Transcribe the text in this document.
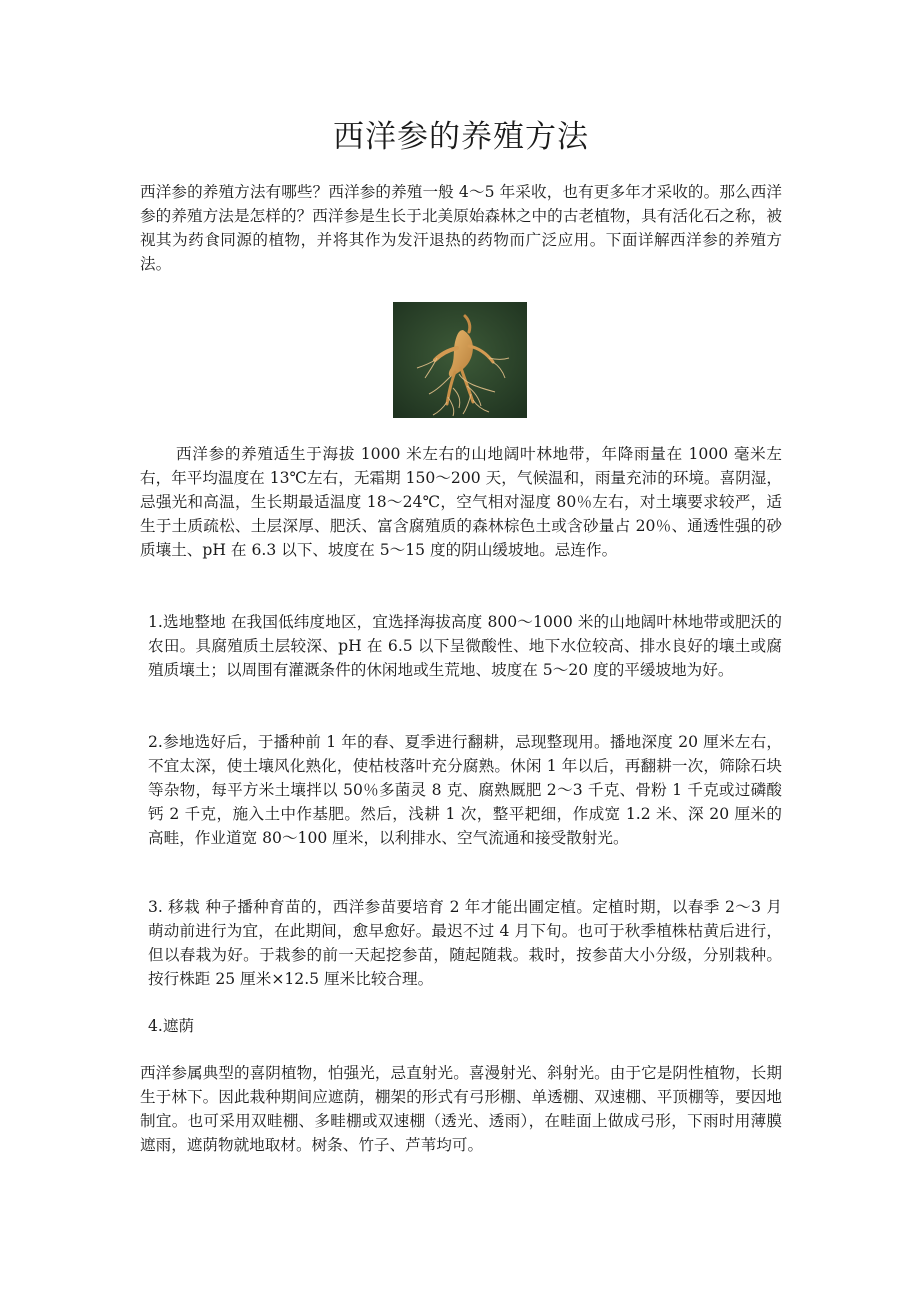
西洋参的养殖方法

西洋参的养殖方法有哪些？西洋参的养殖一般 4～5 年采收，也有更多年才采收的。那么西洋参的养殖方法是怎样的？西洋参是生长于北美原始森林之中的古老植物，具有活化石之称，被视其为药食同源的植物，并将其作为发汗退热的药物而广泛应用。下面详解西洋参的养殖方法。

西洋参的养殖适生于海拔 1000 米左右的山地阔叶林地带，年降雨量在 1000 毫米左右，年平均温度在 13℃左右，无霜期 150～200 天，气候温和，雨量充沛的环境。喜阴湿，忌强光和高温，生长期最适温度 18～24℃，空气相对湿度 80％左右，对土壤要求较严，适生于土质疏松、土层深厚、肥沃、富含腐殖质的森林棕色土或含砂量占 20％、通透性强的砂质壤土、pH 在 6.3 以下、坡度在 5～15 度的阴山缓坡地。忌连作。

1.选地整地 在我国低纬度地区，宜选择海拔高度 800～1000 米的山地阔叶林地带或肥沃的农田。具腐殖质土层较深、pH 在 6.5 以下呈微酸性、地下水位较高、排水良好的壤土或腐殖质壤土；以周围有灌溉条件的休闲地或生荒地、坡度在 5～20 度的平缓坡地为好。

2.参地选好后，于播种前 1 年的春、夏季进行翻耕，忌现整现用。播地深度 20 厘米左右，不宜太深，使土壤风化熟化，使枯枝落叶充分腐熟。休闲 1 年以后，再翻耕一次，筛除石块等杂物，每平方米土壤拌以 50％多菌灵 8 克、腐熟厩肥 2～3 千克、骨粉 1 千克或过磷酸钙 2 千克，施入土中作基肥。然后，浅耕 1 次，整平耙细，作成宽 1.2 米、深 20 厘米的高畦，作业道宽 80～100 厘米，以利排水、空气流通和接受散射光。

3. 移栽 种子播种育苗的，西洋参苗要培育 2 年才能出圃定植。定植时期，以春季 2～3 月萌动前进行为宜，在此期间，愈早愈好。最迟不过 4 月下旬。也可于秋季植株枯黄后进行，但以春栽为好。于栽参的前一天起挖参苗，随起随栽。栽时，按参苗大小分级，分别栽种。按行株距 25 厘米×12.5 厘米比较合理。

4.遮荫

西洋参属典型的喜阴植物，怕强光，忌直射光。喜漫射光、斜射光。由于它是阴性植物，长期生于林下。因此栽种期间应遮荫，棚架的形式有弓形棚、单透棚、双速棚、平顶棚等，要因地制宜。也可采用双畦棚、多畦棚或双速棚（透光、透雨），在畦面上做成弓形，下雨时用薄膜遮雨，遮荫物就地取材。树条、竹子、芦苇均可。
